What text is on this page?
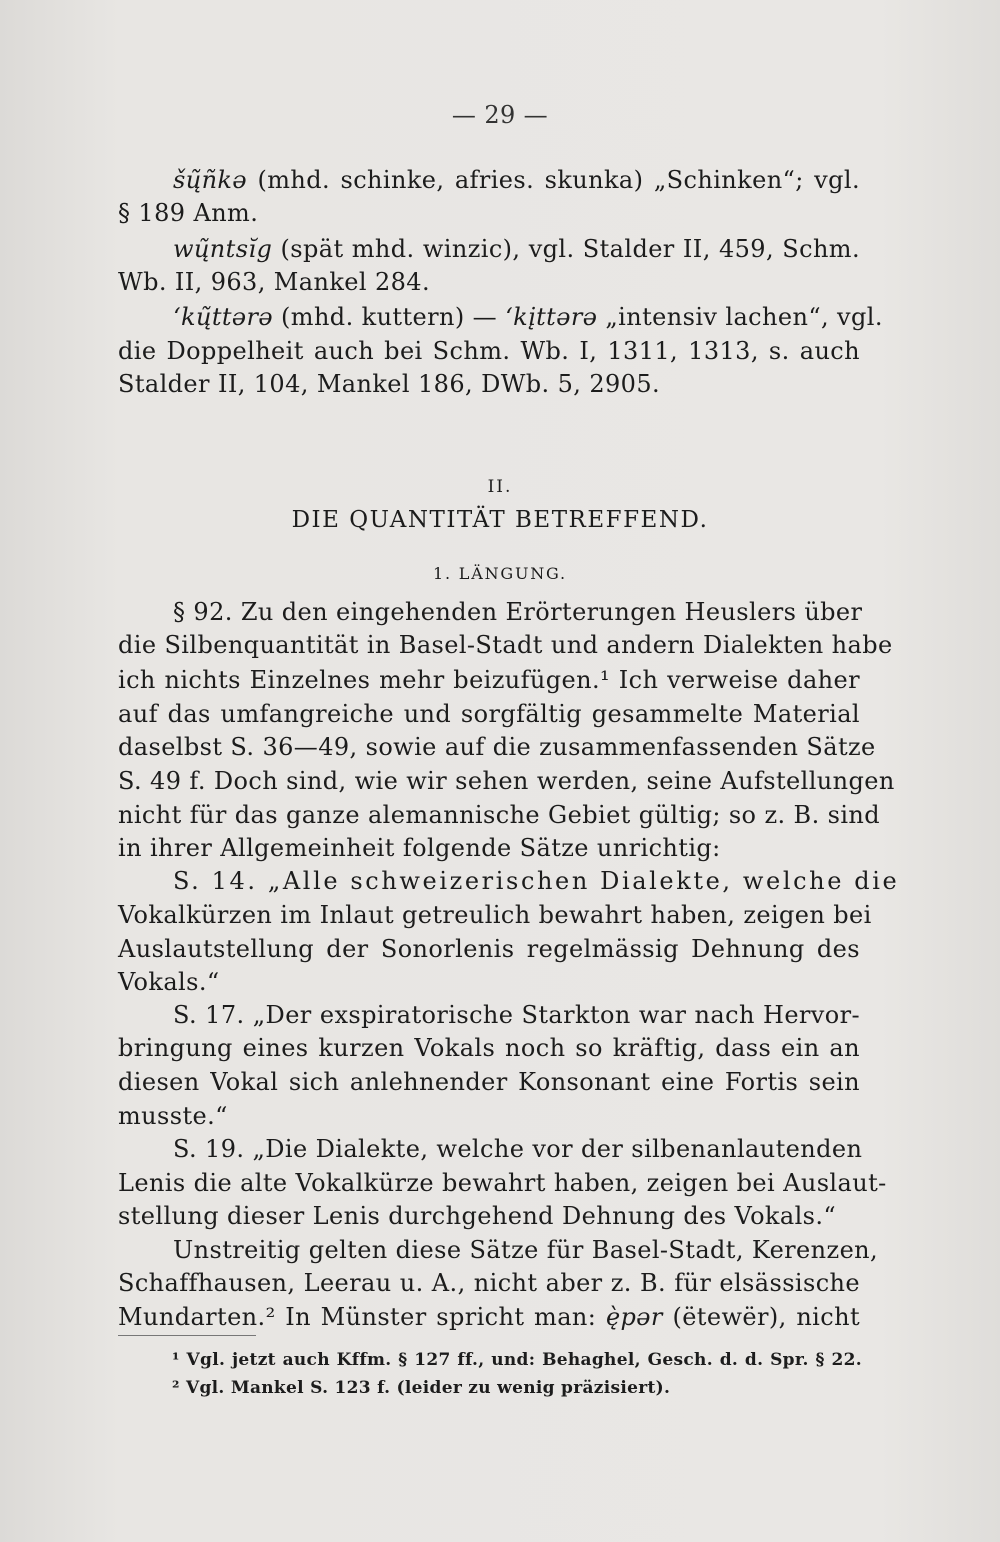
— 29 —

šų̃ñkə (mhd. schinke, afries. skunka) „Schinken“; vgl.

§ 189 Anm.

wų̃ntsĭg (spät mhd. winzic), vgl. Stalder II, 459, Schm.

Wb. II, 963, Mankel 284.

‘kų̃ttərə (mhd. kuttern) — ‘kįttərə „intensiv lachen“, vgl.

die Doppelheit auch bei Schm. Wb. I, 1311, 1313, s. auch

Stalder II, 104, Mankel 186, DWb. 5, 2905.

II.

DIE QUANTITÄT BETREFFEND.

1. LÄNGUNG.

§ 92. Zu den eingehenden Erörterungen Heuslers über

die Silbenquantität in Basel-Stadt und andern Dialekten habe

ich nichts Einzelnes mehr beizufügen.¹ Ich verweise daher

auf das umfangreiche und sorgfältig gesammelte Material

daselbst S. 36—49, sowie auf die zusammenfassenden Sätze

S. 49 f. Doch sind, wie wir sehen werden, seine Aufstellungen

nicht für das ganze alemannische Gebiet gültig; so z. B. sind

in ihrer Allgemeinheit folgende Sätze unrichtig:

S. 14. „Alle schweizerischen Dialekte, welche die

Vokalkürzen im Inlaut getreulich bewahrt haben, zeigen bei

Auslautstellung der Sonorlenis regelmässig Dehnung des

Vokals.“

S. 17. „Der exspiratorische Starkton war nach Hervor-

bringung eines kurzen Vokals noch so kräftig, dass ein an

diesen Vokal sich anlehnender Konsonant eine Fortis sein

musste.“

S. 19. „Die Dialekte, welche vor der silbenanlautenden

Lenis die alte Vokalkürze bewahrt haben, zeigen bei Auslaut-

stellung dieser Lenis durchgehend Dehnung des Vokals.“

Unstreitig gelten diese Sätze für Basel-Stadt, Kerenzen,

Schaffhausen, Leerau u. A., nicht aber z. B. für elsässische

Mundarten.² In Münster spricht man: ę̀pər (ëtewër), nicht

¹ Vgl. jetzt auch Kffm. § 127 ff., und: Behaghel, Gesch. d. d. Spr. § 22.

² Vgl. Mankel S. 123 f. (leider zu wenig präzisiert).
